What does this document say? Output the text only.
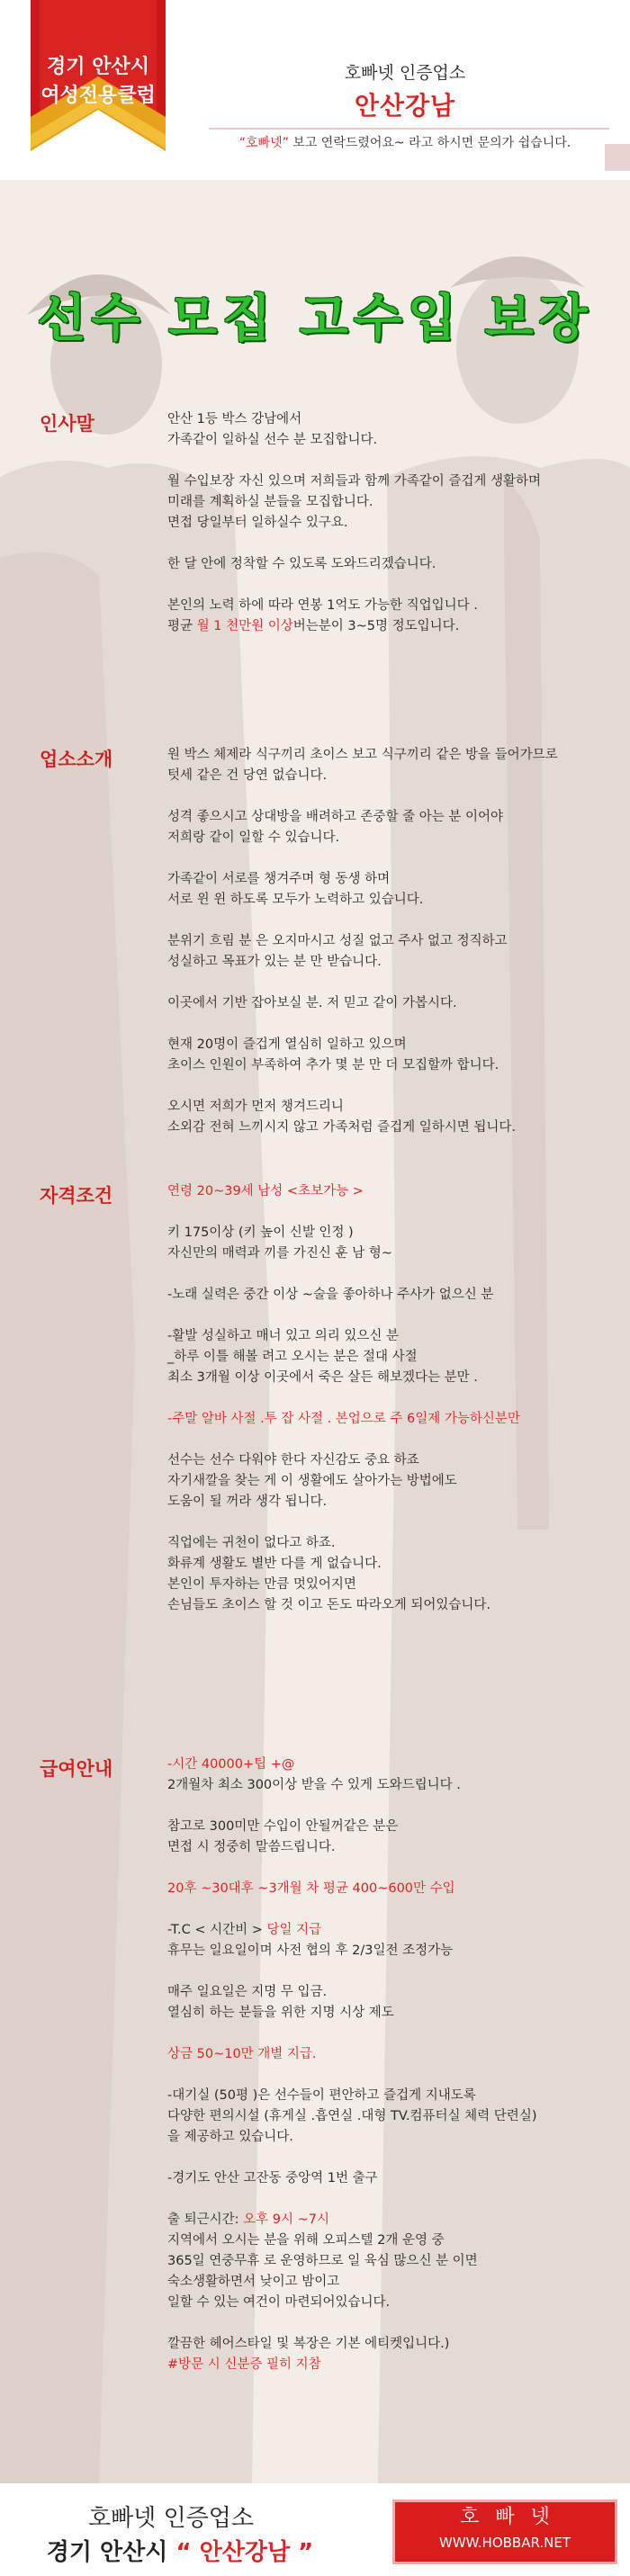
경기 안산시
여성전용클럽
호빠넷 인증업소
안산강남
“호빠넷” 보고 연락드렸어요~ 라고 하시면 문의가 쉽습니다.
선수 모집 고수입 보장
인사말	안산 1등 박스 강남에서
가족같이 일하실 선수 분 모집합니다.

월 수입보장 자신 있으며 저희들과 함께 가족같이 즐겁게 생활하며
미래를 계획하실 분들을 모집합니다.
면접 당일부터 일하실수 있구요.

한 달 안에 정착할 수 있도록 도와드리겠습니다.

본인의 노력 하에 따라 연봉 1억도 가능한 직업입니다 .
평균 월 1 천만원 이상버는분이 3~5명 정도입니다.

업소소개	원 박스 체제라 식구끼리 초이스 보고 식구끼리 같은 방을 들어가므로
텃세 같은 건 당연 없습니다.

성격 좋으시고 상대방을 배려하고 존중할 줄 아는 분 이어야
저희랑 같이 일할 수 있습니다.

가족같이 서로를 챙겨주며 형 동생 하며
서로 윈 윈 하도록 모두가 노력하고 있습니다.

분위기 흐림 분 은 오지마시고 성질 없고 주사 없고 정직하고
성실하고 목표가 있는 분 만 받습니다.

이곳에서 기반 잡아보실 분. 저 믿고 같이 가봅시다.

현재 20명이 즐겁게 열심히 일하고 있으며
초이스 인원이 부족하여 추가 몇 분 만 더 모집할까 합니다.

오시면 저희가 먼저 챙겨드리니
소외감 전혀 느끼시지 않고 가족처럼 즐겁게 일하시면 됩니다.

자격조건	연령 20~39세 남성 <초보가능 >

키 175이상 (키 높이 신발 인정 )
자신만의 매력과 끼를 가진신 훈 남 형~

-노래 실력은 중간 이상 ~술을 좋아하나 주사가 없으신 분

-활발 성실하고 매너 있고 의리 있으신 분
_하루 이틀 해볼 려고 오시는 분은 절대 사절
최소 3개월 이상 이곳에서 죽은 살든 해보겠다는 분만 .

-주말 알바 사절 .투 잡 사절 . 본업으로 주 6일제 가능하신분만

선수는 선수 다워야 한다 자신감도 중요 하죠
자기새깔을 찾는 게 이 생활에도 살아가는 방법에도
도움이 될 꺼라 생각 됩니다.

직업에는 귀천이 없다고 하죠.
화류계 생활도 별반 다를 게 없습니다.
본인이 투자하는 만큼 멋있어지면
손님들도 초이스 할 것 이고 돈도 따라오게 되어있습니다.

급여안내	-시간 40000+팁 +@
2개월차 최소 300이상 받을 수 있게 도와드립니다 .

참고로 300미만 수입이 안될꺼같은 분은
면접 시 정중히 말씀드립니다.

20후 ~30대후 ~3개월 차 평균 400~600만 수입

-T.C < 시간비 > 당일 지급
휴무는 일요일이며 사전 협의 후 2/3일전 조정가능

매주 일요일은 지명 무 입금.
열심히 하는 분들을 위한 지명 시상 제도

상금 50~10만 개별 지급.

-대기실 (50평 )은 선수들이 편안하고 즐겁게 지내도록
다양한 편의시설 (휴게실 .흡연실 .대형 TV.컴퓨터실 체력 단련실)
을 제공하고 있습니다.

-경기도 안산 고잔동 중앙역 1번 출구

출 퇴근시간: 오후 9시 ~7시
지역에서 오시는 분을 위해 오피스텔 2개 운영 중
365일 연중무휴 로 운영하므로 일 육심 많으신 분 이면
숙소생활하면서 낮이고 밤이고
일할 수 있는 여건이 마련되어있습니다.

깔끔한 헤어스타일 및 복장은 기본 에티켓입니다.)
#방문 시 신분증 필히 지참

호빠넷 인증업소
경기 안산시 “ 안산강남 ”
호빠넷
WWW.HOBBAR.NET
